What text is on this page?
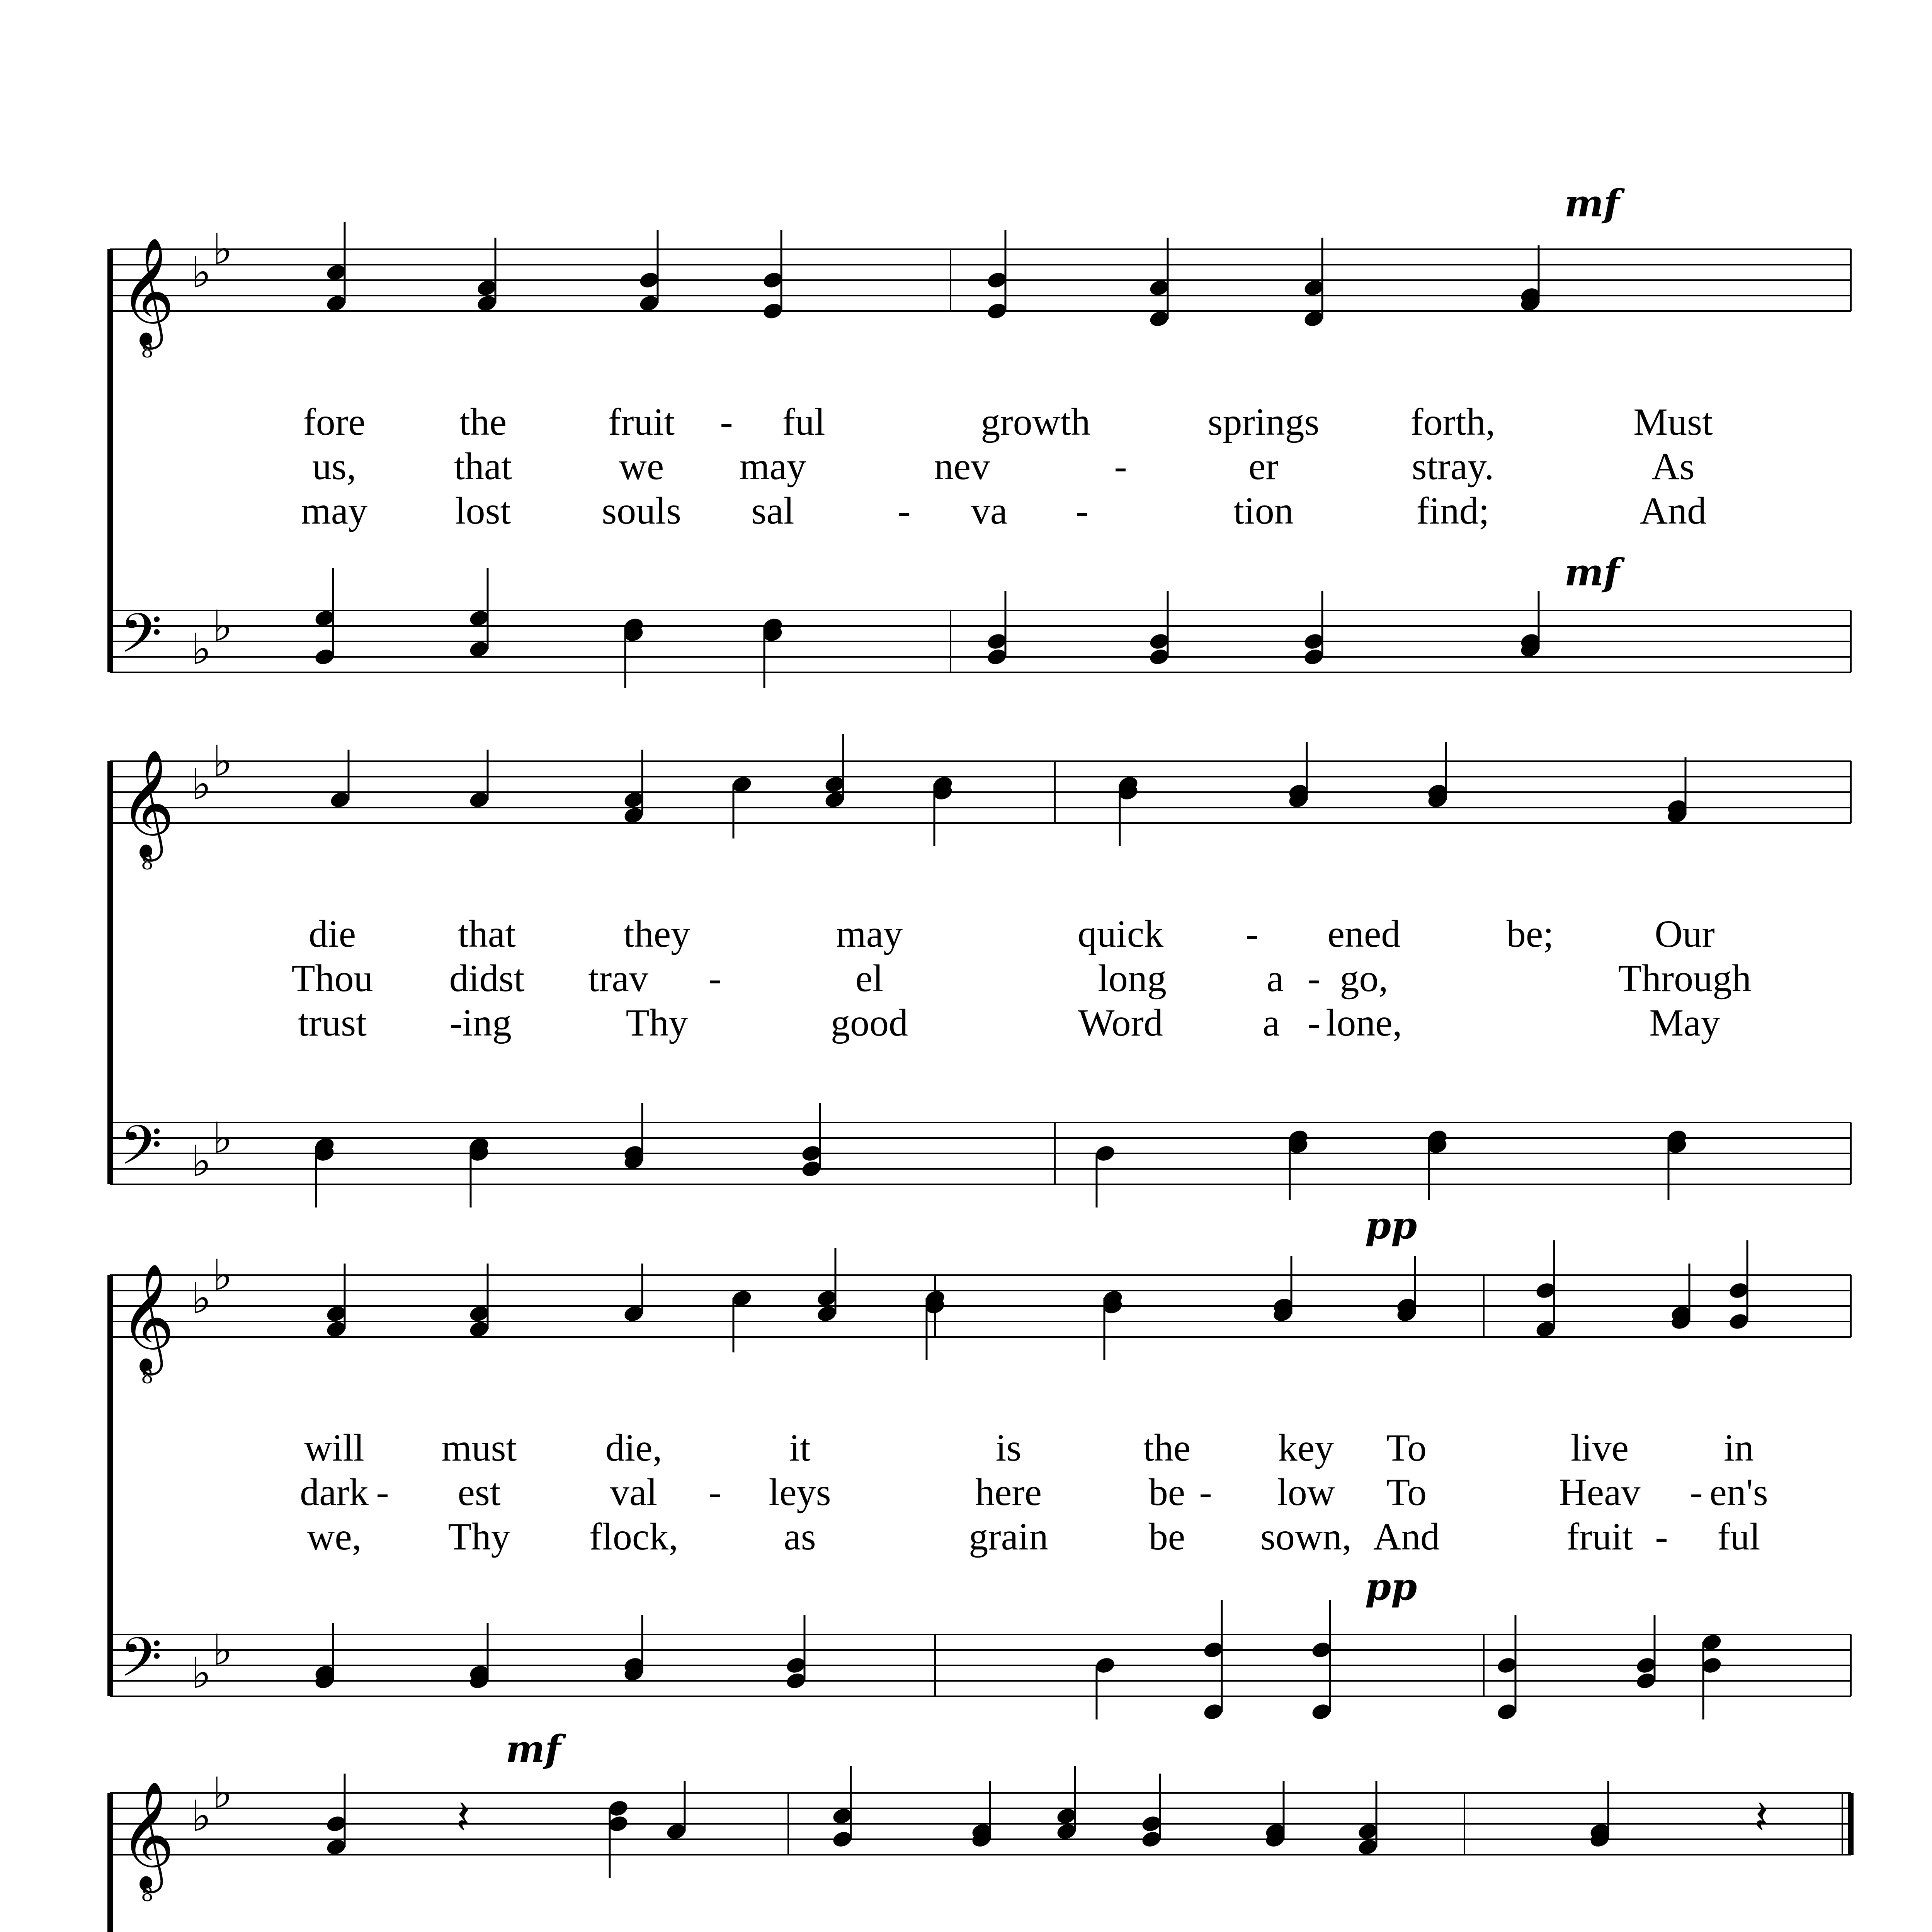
𝄞
8
♭ ♭
𝄢 ♭ ♭
mf
mf
fore the	fruit - ful	growth	springs forth,	Must
us,	that	we may	nev	-	er	stray.	As
may lost souls sal	- va -	tion	find;	And
𝄞
8
♭ ♭
𝄢 ♭ ♭
die	that	they	may	quick - ened	be;	Our
Thou didst trav -	el	long	a - go,	Through
trust - ing	Thy	good	Word	a - lone,	May
𝄞
8
♭ ♭
𝄢 ♭ ♭
pp
pp
will must die,	it	is	the key To	live in
dark - est	val - leys	here	be - low To	Heav - en's
we, Thy flock,	as	grain	be sown, And	fruit - ful
𝄞
8
♭ ♭	𝄽	𝄽
mf
